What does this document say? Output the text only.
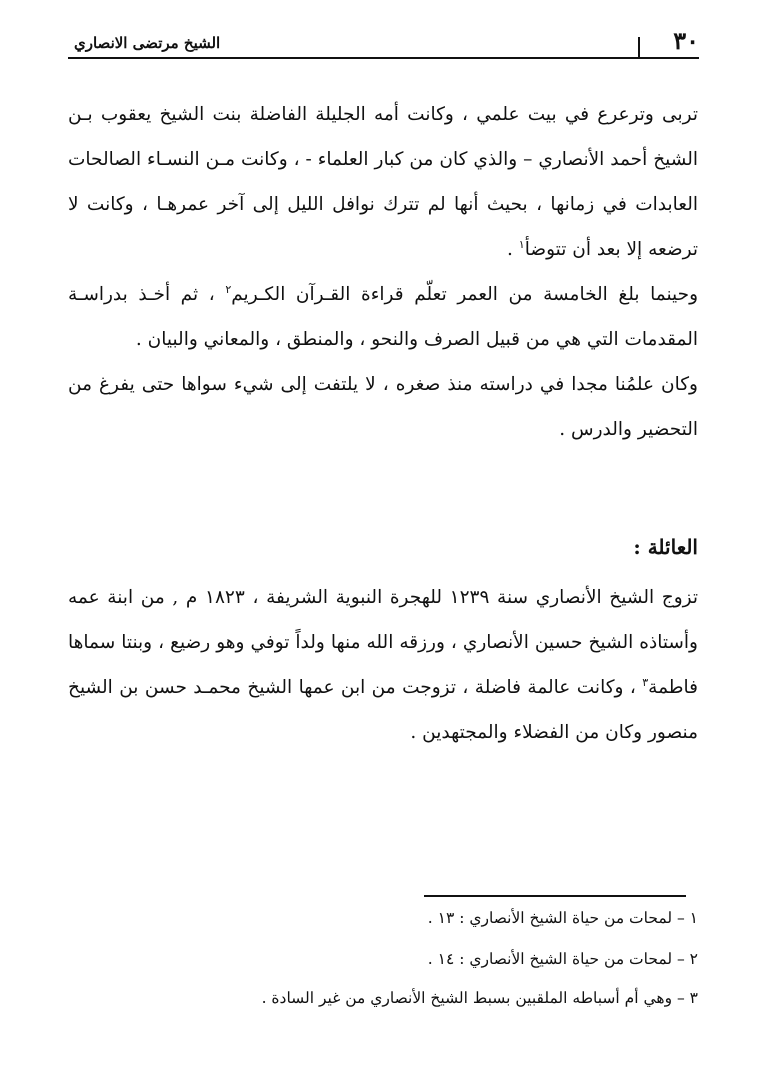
الشيخ مرتضى الانصاري	٣٠

تربى وترعرع في بيت علمي ، وكانت أمه الجليلة الفاضلة بنت الشيخ يعقوب بـن الشيخ أحمد الأنصاري – والذي كان من كبار العلماء - ، وكانت مـن النسـاء الصالحات العابدات في زمانها ، بحيث أنها لم تترك نوافل الليل إلى آخر عمرهـا ، وكانت لا ترضعه إلا بعد أن تتوضأ$^١$ .

وحينما بلغ الخامسة من العمر تعلّم قراءة القـرآن الكـريم$^٢$ ، ثم أخـذ بدراسـة المقدمات التي هي من قبيل الصرف والنحو ، والمنطق ، والمعاني والبيان .

وكان علمُنا مجدا في دراسته منذ صغره ، لا يلتفت إلى شيء سواها حتى يفرغ من التحضير والدرس .

العائلة :

تزوج الشيخ الأنصاري سنة ١٢٣٩ للهجرة النبوية الشريفة ، ١٨٢٣ م , من ابنة عمه وأستاذه الشيخ حسين الأنصاري ، ورزقه الله منها ولداً توفي وهو رضيع ، وبنتا سماها فاطمة$^٣$ ، وكانت عالمة فاضلة ، تزوجت من ابن عمها الشيخ محمـد حسن بن الشيخ منصور وكان من الفضلاء والمجتهدين .

١ – لمحات من حياة الشيخ الأنصاري : ١٣ .

٢ – لمحات من حياة الشيخ الأنصاري : ١٤ .

٣ – وهي أم أسباطه الملقبين بسبط الشيخ الأنصاري من غير السادة .
